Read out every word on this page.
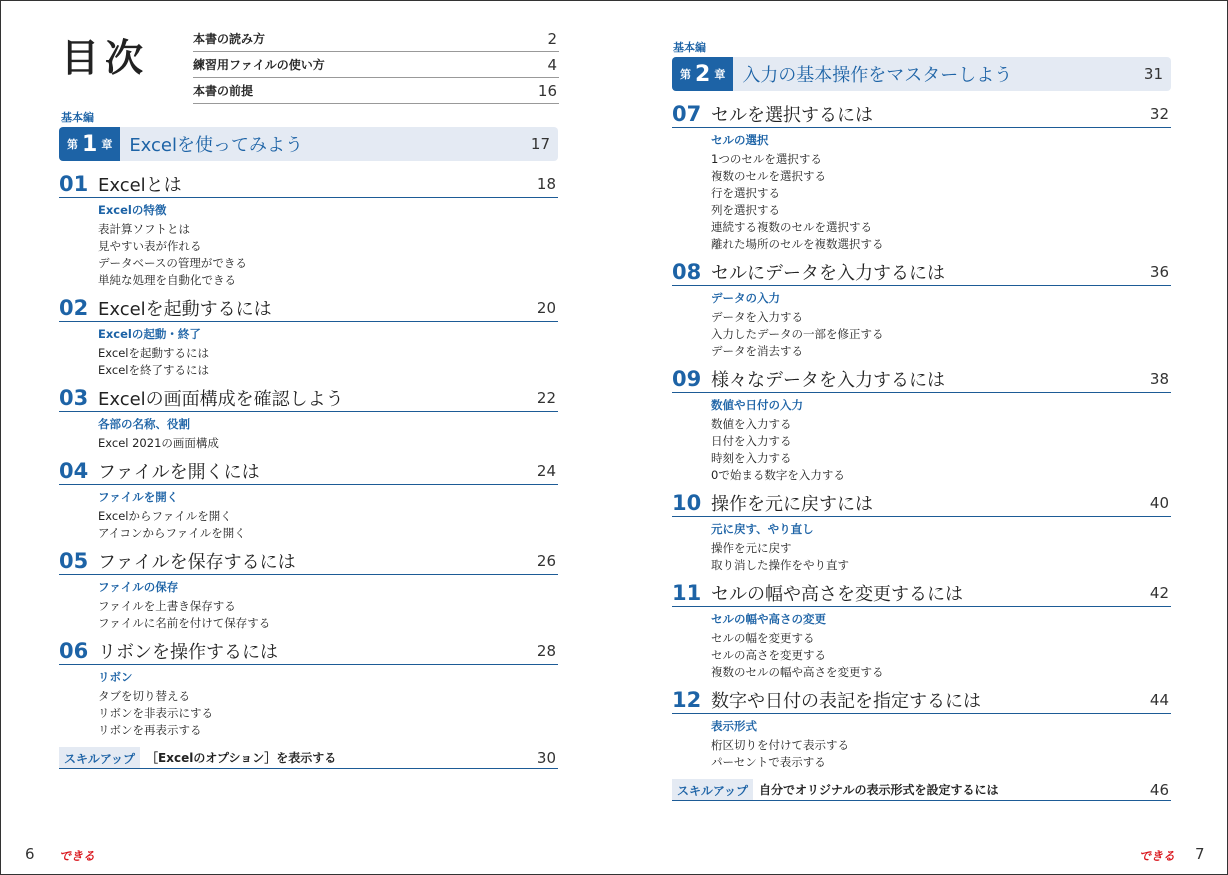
目次	本書の読み方	2
練習用ファイルの使い方	4
本書の前提	16
基本編
第 1 章 Excelを使ってみよう	17
01 Excelとは	18
Excelの特徴
表計算ソフトとは
見やすい表が作れる
データベースの管理ができる
単純な処理を自動化できる
02 Excelを起動するには	20
Excelの起動・終了
Excelを起動するには
Excelを終了するには
03 Excelの画面構成を確認しよう	22
各部の名称、役割
Excel 2021の画面構成
04 ファイルを開くには	24
ファイルを開く
Excelからファイルを開く
アイコンからファイルを開く
05 ファイルを保存するには	26
ファイルの保存
ファイルを上書き保存する
ファイルに名前を付けて保存する
06 リボンを操作するには	28
リボン
タブを切り替える
リボンを非表示にする
リボンを再表示する
スキルアップ ［Excelのオプション］を表示する	30
基本編
第 2 章 入力の基本操作をマスターしよう	31
07 セルを選択するには	32
セルの選択
1つのセルを選択する
複数のセルを選択する
行を選択する
列を選択する
連続する複数のセルを選択する
離れた場所のセルを複数選択する
08 セルにデータを入力するには	36
データの入力
データを入力する
入力したデータの一部を修正する
データを消去する
09 様々なデータを入力するには	38
数値や日付の入力
数値を入力する
日付を入力する
時刻を入力する
0で始まる数字を入力する
10 操作を元に戻すには	40
元に戻す、やり直し
操作を元に戻す
取り消した操作をやり直す
11 セルの幅や高さを変更するには	42
セルの幅や高さの変更
セルの幅を変更する
セルの高さを変更する
複数のセルの幅や高さを変更する
12 数字や日付の表記を指定するには	44
表示形式
桁区切りを付けて表示する
パーセントで表示する
スキルアップ 自分でオリジナルの表示形式を設定するには	46
6 できる	できる 7
